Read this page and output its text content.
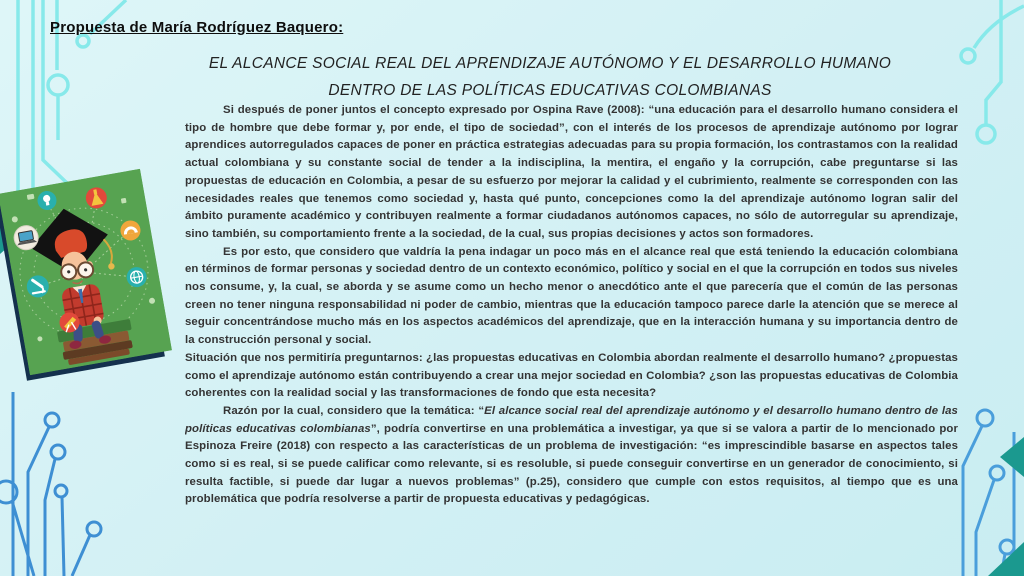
Propuesta de María Rodríguez Baquero:
EL ALCANCE SOCIAL REAL DEL APRENDIZAJE AUTÓNOMO Y EL DESARROLLO HUMANO
DENTRO DE LAS POLÍTICAS EDUCATIVAS COLOMBIANAS

Si después de poner juntos el concepto expresado por Ospina Rave (2008): “una educación para el desarrollo humano considera el tipo de hombre que debe formar y, por ende, el tipo de sociedad”, con el interés de los procesos de aprendizaje autónomo por lograr aprendices autorregulados capaces de poner en práctica estrategias adecuadas para su propia formación, los contrastamos con la realidad actual colombiana y su constante social de tender a la indisciplina, la mentira, el engaño y la corrupción, cabe preguntarse si las propuestas de educación en Colombia, a pesar de su esfuerzo por mejorar la calidad y el cubrimiento, realmente se corresponden con las necesidades reales que tenemos como sociedad y, hasta qué punto, concepciones como la del aprendizaje autónomo logran salir del ámbito puramente académico y contribuyen realmente a formar ciudadanos autónomos capaces, no sólo de autorregular su aprendizaje, sino también, su comportamiento frente a la sociedad, de la cual, sus propias decisiones y actos son formadores.

Es por esto, que considero que valdría la pena indagar un poco más en el alcance real que está teniendo la educación colombiana en términos de formar personas y sociedad dentro de un contexto económico, político y social en el que la corrupción en todos sus niveles nos consume, y, la cual, se aborda y se asume como un hecho menor o anecdótico ante el que parecería que el común de las personas creen no tener ninguna responsabilidad ni poder de cambio, mientras que la educación tampoco parece darle la atención que se merece al seguir concentrándose mucho más en los aspectos académicos del aprendizaje, que en la interacción humana y su importancia dentro de la construcción personal y social.

Situación que nos permitiría preguntarnos: ¿las propuestas educativas en Colombia abordan realmente el desarrollo humano? ¿propuestas como el aprendizaje autónomo están contribuyendo a crear una mejor sociedad en Colombia? ¿son las propuestas educativas de Colombia coherentes con la realidad social y las transformaciones de fondo que esta necesita?

Razón por la cual, considero que la temática: “El alcance social real del aprendizaje autónomo y el desarrollo humano dentro de las políticas educativas colombianas”, podría convertirse en una problemática a investigar, ya que si se valora a partir de lo mencionado por Espinoza Freire (2018) con respecto a las características de un problema de investigación: “es imprescindible basarse en aspectos tales como si es real, si se puede calificar como relevante, si es resoluble, si puede conseguir convertirse en un generador de conocimiento, si resulta factible, si puede dar lugar a nuevos problemas” (p.25), considero que cumple con estos requisitos, al tiempo que es una problemática que podría resolverse a partir de propuesta educativas y pedagógicas.
